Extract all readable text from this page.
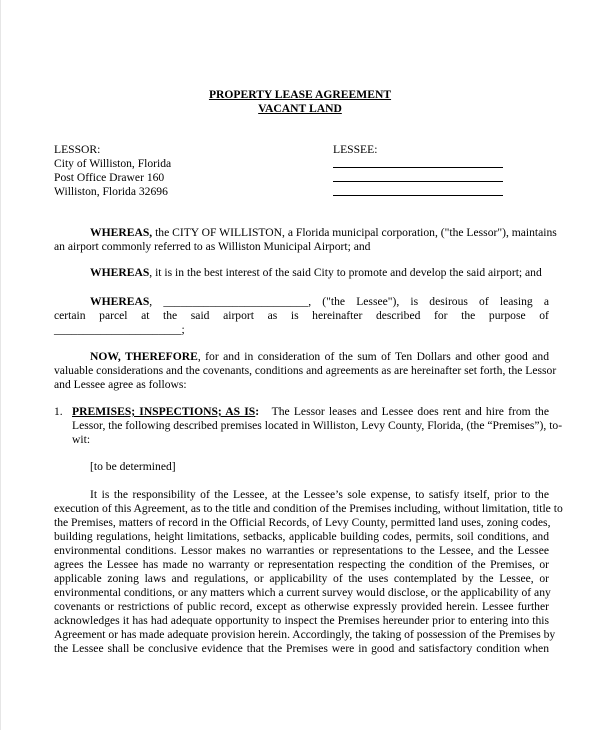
PROPERTY LEASE AGREEMENT
VACANT LAND
LESSOR:
City of Williston, Florida
Post Office Drawer 160
Williston, Florida 32696
LESSEE:
WHEREAS, the CITY OF WILLISTON, a Florida municipal corporation, ("the Lessor"), maintains
an airport commonly referred to as Williston Municipal Airport; and
WHEREAS, it is in the best interest of the said City to promote and develop the said airport; and
WHEREAS, _________________________, ("the Lessee"), is desirous of leasing a
certain parcel at the said airport as is hereinafter described for the purpose of
______________________;
NOW, THEREFORE, for and in consideration of the sum of Ten Dollars and other good and
valuable considerations and the covenants, conditions and agreements as are hereinafter set forth, the Lessor
and Lessee agree as follows:
1. PREMISES; INSPECTIONS; AS IS: The Lessor leases and Lessee does rent and hire from the
Lessor, the following described premises located in Williston, Levy County, Florida, (the “Premises”), to-
wit:
[to be determined]
It is the responsibility of the Lessee, at the Lessee’s sole expense, to satisfy itself, prior to the
execution of this Agreement, as to the title and condition of the Premises including, without limitation, title to
the Premises, matters of record in the Official Records, of Levy County, permitted land uses, zoning codes,
building regulations, height limitations, setbacks, applicable building codes, permits, soil conditions, and
environmental conditions. Lessor makes no warranties or representations to the Lessee, and the Lessee
agrees the Lessee has made no warranty or representation respecting the condition of the Premises, or
applicable zoning laws and regulations, or applicability of the uses contemplated by the Lessee, or
environmental conditions, or any matters which a current survey would disclose, or the applicability of any
covenants or restrictions of public record, except as otherwise expressly provided herein. Lessee further
acknowledges it has had adequate opportunity to inspect the Premises hereunder prior to entering into this
Agreement or has made adequate provision herein. Accordingly, the taking of possession of the Premises by
the Lessee shall be conclusive evidence that the Premises were in good and satisfactory condition when
